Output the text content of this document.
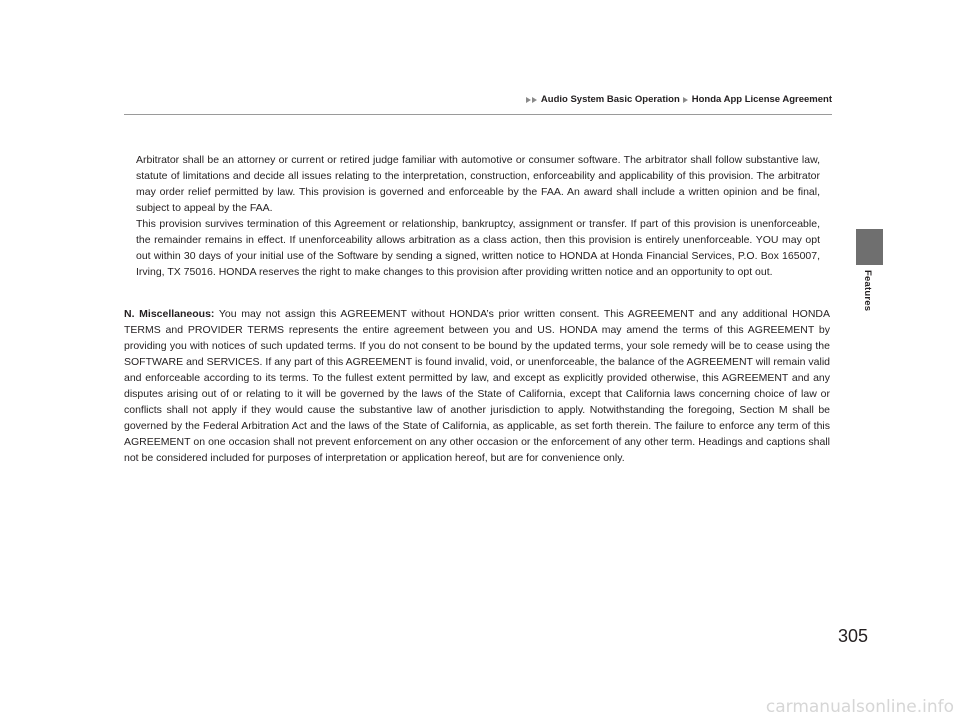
Audio System Basic Operation Honda App License Agreement
Features

Arbitrator shall be an attorney or current or retired judge familiar with automotive or consumer software. The arbitrator shall follow substantive law, statute of limitations and decide all issues relating to the interpretation, construction, enforceability and applicability of this provision. The arbitrator may order relief permitted by law. This provision is governed and enforceable by the FAA. An award shall include a written opinion and be final, subject to appeal by the FAA.

This provision survives termination of this Agreement or relationship, bankruptcy, assignment or transfer. If part of this provision is unenforceable, the remainder remains in effect. If unenforceability allows arbitration as a class action, then this provision is entirely unenforceable. YOU may opt out within 30 days of your initial use of the Software by sending a signed, written notice to HONDA at Honda Financial Services, P.O. Box 165007, Irving, TX 75016. HONDA reserves the right to make changes to this provision after providing written notice and an opportunity to opt out.

N. Miscellaneous: You may not assign this AGREEMENT without HONDA’s prior written consent. This AGREEMENT and any additional HONDA TERMS and PROVIDER TERMS represents the entire agreement between you and US. HONDA may amend the terms of this AGREEMENT by providing you with notices of such updated terms. If you do not consent to be bound by the updated terms, your sole remedy will be to cease using the SOFTWARE and SERVICES. If any part of this AGREEMENT is found invalid, void, or unenforceable, the balance of the AGREEMENT will remain valid and enforceable according to its terms. To the fullest extent permitted by law, and except as explicitly provided otherwise, this AGREEMENT and any disputes arising out of or relating to it will be governed by the laws of the State of California, except that California laws concerning choice of law or conflicts shall not apply if they would cause the substantive law of another jurisdiction to apply. Notwithstanding the foregoing, Section M shall be governed by the Federal Arbitration Act and the laws of the State of California, as applicable, as set forth therein. The failure to enforce any term of this AGREEMENT on one occasion shall not prevent enforcement on any other occasion or the enforcement of any other term. Headings and captions shall not be considered included for purposes of interpretation or application hereof, but are for convenience only.

305
carmanualsonline.info
